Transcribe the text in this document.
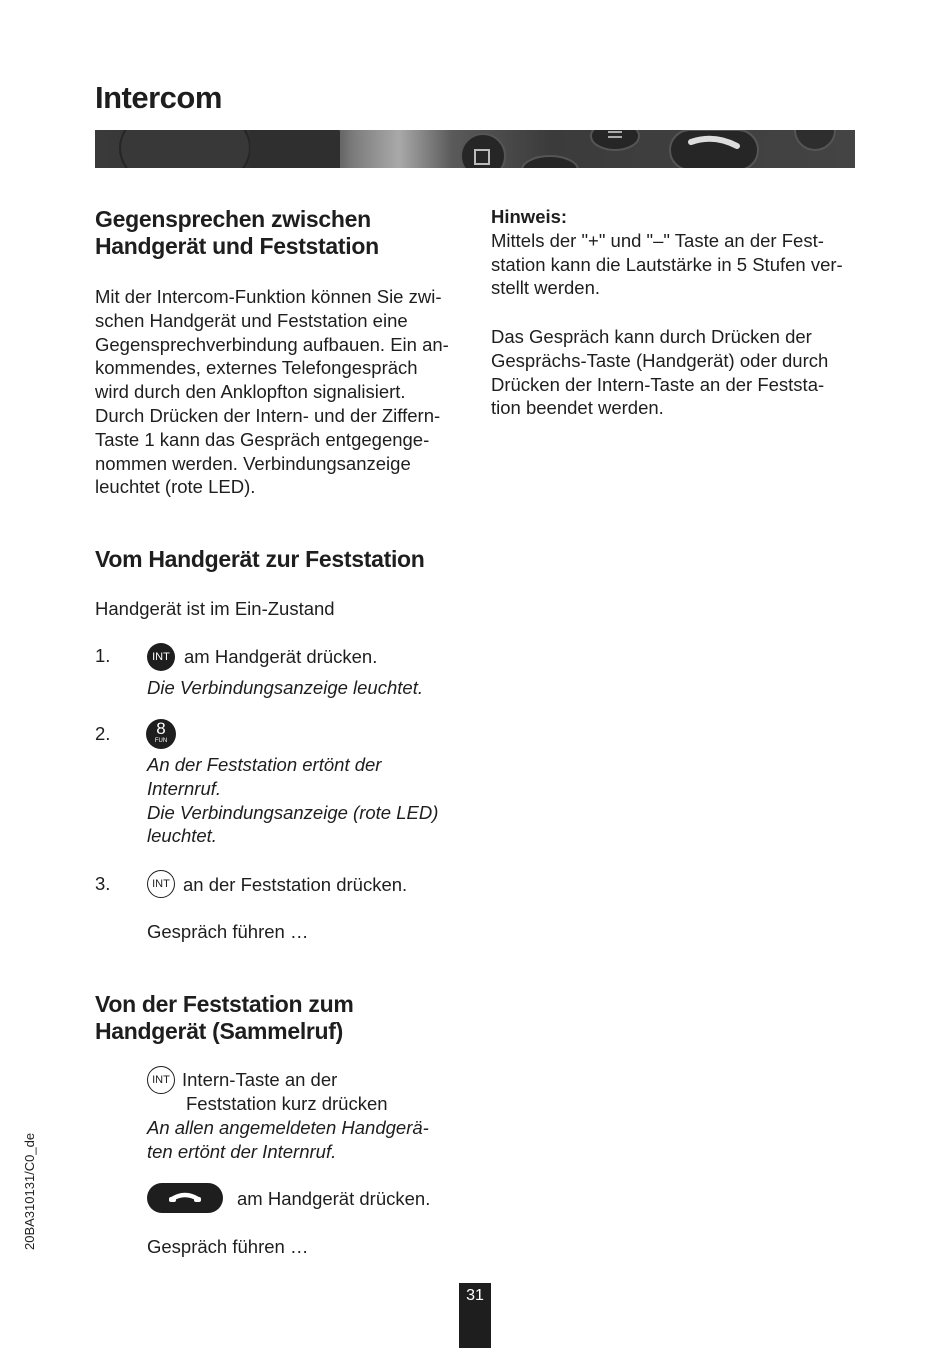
Intercom
Gegensprechen zwischen
Handgerät und Feststation
Mit der Intercom-Funktion können Sie zwi-
schen Handgerät und Feststation eine
Gegensprechverbindung aufbauen. Ein an-
kommendes, externes Telefongespräch
wird durch den Anklopfton signalisiert.
Durch Drücken der Intern- und der Ziffern-
Taste 1 kann das Gespräch entgegenge-
nommen werden. Verbindungsanzeige
leuchtet (rote LED).
Hinweis:
Mittels der "+" und "–" Taste an der Fest-
station kann die Lautstärke in 5 Stufen ver-
stellt werden.
Das Gespräch kann durch Drücken der
Gesprächs-Taste (Handgerät) oder durch
Drücken der Intern-Taste an der Feststa-
tion beendet werden.
Vom Handgerät zur Feststation
Handgerät ist im Ein-Zustand
1.	INT am Handgerät drücken.
Die Verbindungsanzeige leuchtet.
2.	8
FUN
An der Feststation ertönt der
Internruf.
Die Verbindungsanzeige (rote LED)
leuchtet.
3.	INT an der Feststation drücken.
Gespräch führen …
Von der Feststation zum
Handgerät (Sammelruf)
INT Intern-Taste an der
Feststation kurz drücken
An allen angemeldeten Handgerä-
ten ertönt der Internruf.
am Handgerät drücken.
Gespräch führen …
20BA310131/C0_de
31
